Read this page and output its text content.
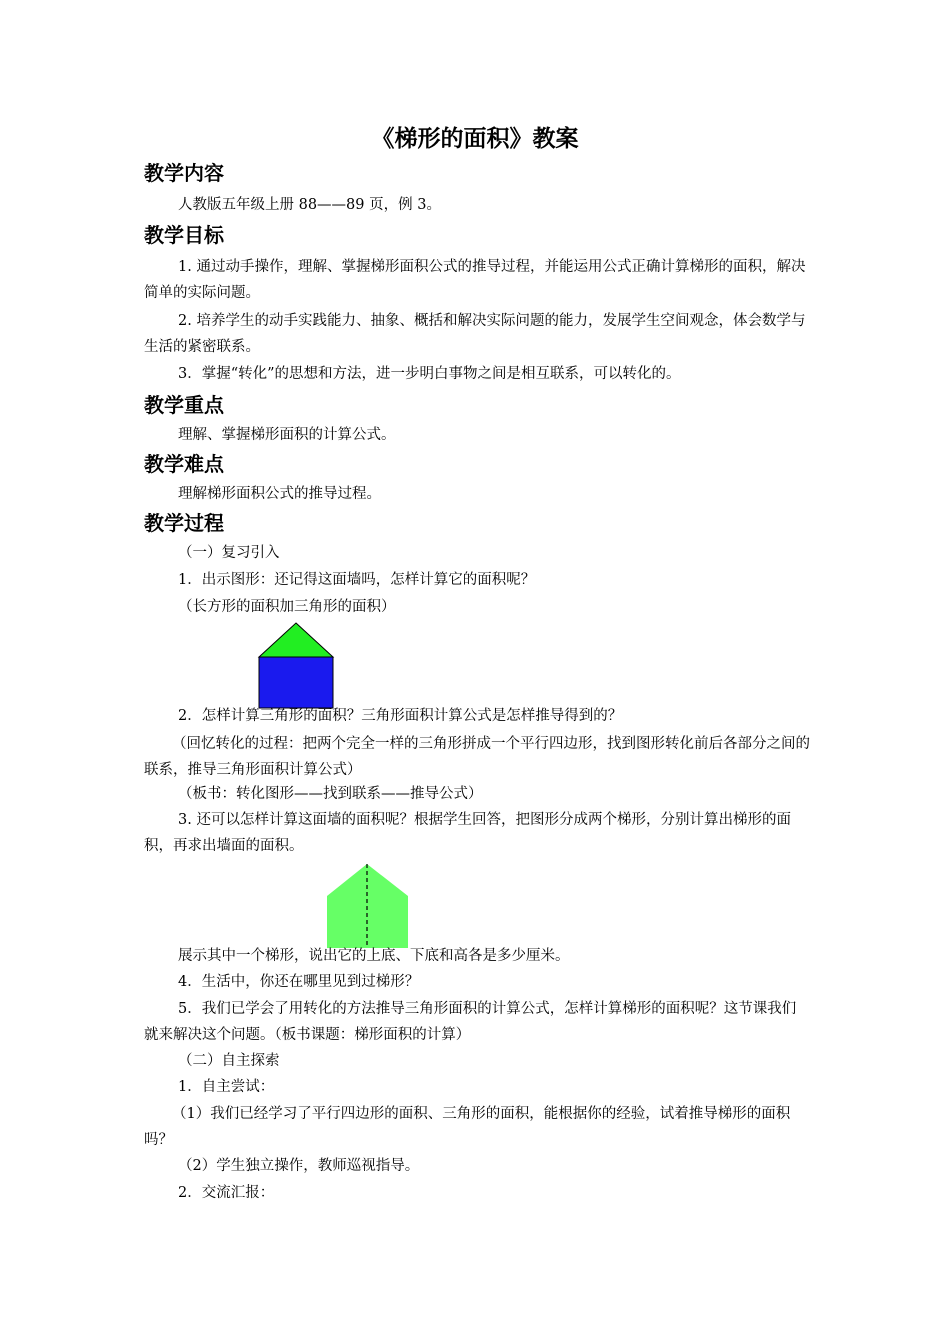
《梯形的面积》教案
教学内容
人教版五年级上册 88——89 页，例 3。
教学目标
1. 通过动手操作，理解、掌握梯形面积公式的推导过程，并能运用公式正确计算梯形的面积，解决简单的实际问题。
2. 培养学生的动手实践能力、抽象、概括和解决实际问题的能力，发展学生空间观念，体会数学与生活的紧密联系。
3．掌握“转化”的思想和方法，进一步明白事物之间是相互联系，可以转化的。
教学重点
理解、掌握梯形面积的计算公式。
教学难点
理解梯形面积公式的推导过程。
教学过程
（一）复习引入
1．出示图形：还记得这面墙吗，怎样计算它的面积呢？
（长方形的面积加三角形的面积）
2．怎样计算三角形的面积？三角形面积计算公式是怎样推导得到的？
（回忆转化的过程：把两个完全一样的三角形拼成一个平行四边形，找到图形转化前后各部分之间的联系，推导三角形面积计算公式）
（板书：转化图形——找到联系——推导公式）
3. 还可以怎样计算这面墙的面积呢？根据学生回答，把图形分成两个梯形，分别计算出梯形的面积，再求出墙面的面积。
展示其中一个梯形，说出它的上底、下底和高各是多少厘米。
4．生活中，你还在哪里见到过梯形？
5．我们已学会了用转化的方法推导三角形面积的计算公式，怎样计算梯形的面积呢？这节课我们就来解决这个问题。（板书课题：梯形面积的计算）
（二）自主探索
1．自主尝试：
（1）我们已经学习了平行四边形的面积、三角形的面积，能根据你的经验，试着推导梯形的面积吗？
（2）学生独立操作，教师巡视指导。
2．交流汇报：
